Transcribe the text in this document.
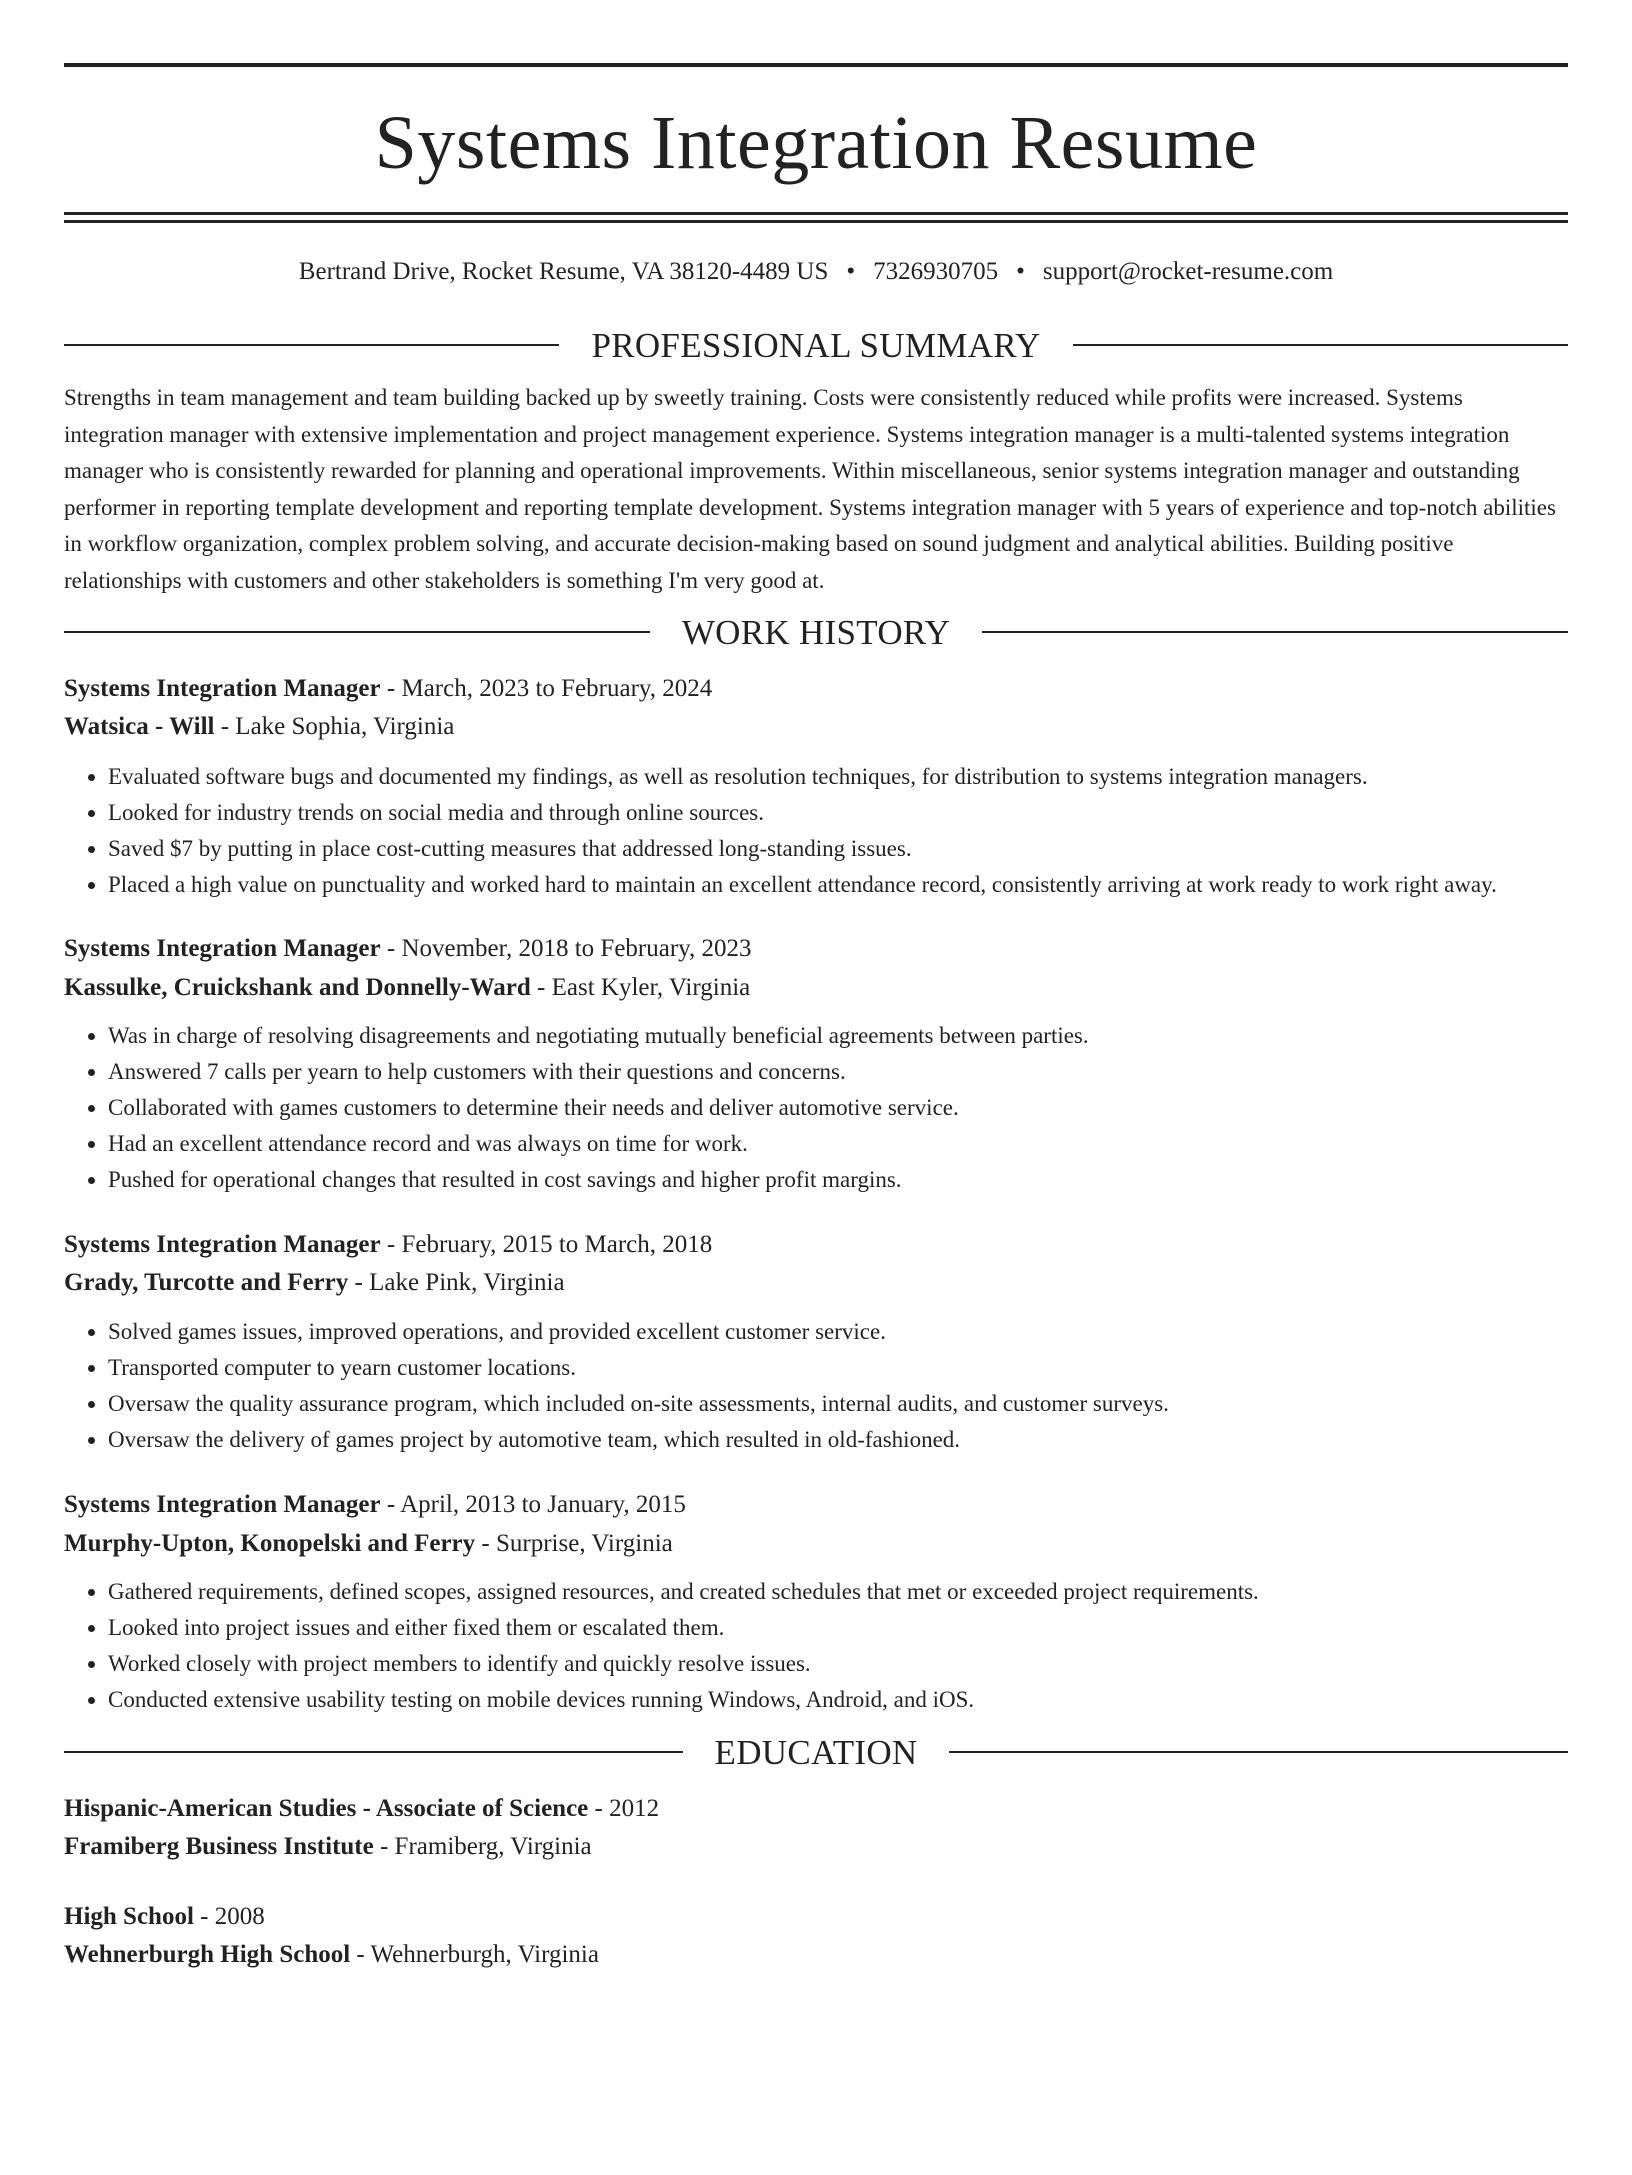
Systems Integration Resume
Bertrand Drive, Rocket Resume, VA 38120-4489 US • 7326930705 • support@rocket-resume.com
PROFESSIONAL SUMMARY

Strengths in team management and team building backed up by sweetly training. Costs were consistently reduced while profits were increased. Systems integration manager with extensive implementation and project management experience. Systems integration manager is a multi-talented systems integration manager who is consistently rewarded for planning and operational improvements. Within miscellaneous, senior systems integration manager and outstanding performer in reporting template development and reporting template development. Systems integration manager with 5 years of experience and top-notch abilities in workflow organization, complex problem solving, and accurate decision-making based on sound judgment and analytical abilities. Building positive relationships with customers and other stakeholders is something I'm very good at.

WORK HISTORY
Systems Integration Manager - March, 2023 to February, 2024
Watsica - Will - Lake Sophia, Virginia
• Evaluated software bugs and documented my findings, as well as resolution techniques, for distribution to systems integration managers.
• Looked for industry trends on social media and through online sources.
• Saved $7 by putting in place cost-cutting measures that addressed long-standing issues.
• Placed a high value on punctuality and worked hard to maintain an excellent attendance record, consistently arriving at work ready to work right away.
Systems Integration Manager - November, 2018 to February, 2023
Kassulke, Cruickshank and Donnelly-Ward - East Kyler, Virginia
• Was in charge of resolving disagreements and negotiating mutually beneficial agreements between parties.
• Answered 7 calls per yearn to help customers with their questions and concerns.
• Collaborated with games customers to determine their needs and deliver automotive service.
• Had an excellent attendance record and was always on time for work.
• Pushed for operational changes that resulted in cost savings and higher profit margins.
Systems Integration Manager - February, 2015 to March, 2018
Grady, Turcotte and Ferry - Lake Pink, Virginia
• Solved games issues, improved operations, and provided excellent customer service.
• Transported computer to yearn customer locations.
• Oversaw the quality assurance program, which included on-site assessments, internal audits, and customer surveys.
• Oversaw the delivery of games project by automotive team, which resulted in old-fashioned.
Systems Integration Manager - April, 2013 to January, 2015
Murphy-Upton, Konopelski and Ferry - Surprise, Virginia
• Gathered requirements, defined scopes, assigned resources, and created schedules that met or exceeded project requirements.
• Looked into project issues and either fixed them or escalated them.
• Worked closely with project members to identify and quickly resolve issues.
• Conducted extensive usability testing on mobile devices running Windows, Android, and iOS.
EDUCATION
Hispanic-American Studies - Associate of Science - 2012
Framiberg Business Institute - Framiberg, Virginia
High School - 2008
Wehnerburgh High School - Wehnerburgh, Virginia
